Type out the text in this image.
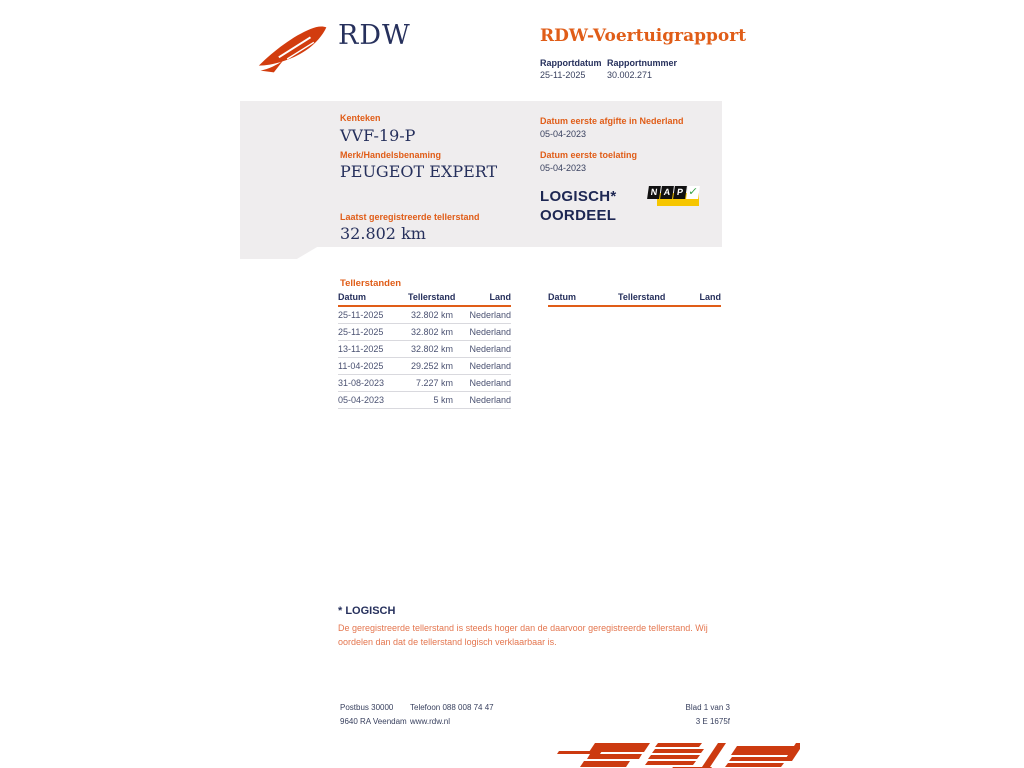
RDW	RDW-Voertuigrapport
Rapportdatum Rapportnummer
25-11-2025 30.002.271
Kenteken
VVF-19-P
Merk/Handelsbenaming
PEUGEOT EXPERT
Laatst geregistreerde tellerstand
32.802 km
Datum eerste afgifte in Nederland
05-04-2023
Datum eerste toelating
05-04-2023
LOGISCH*
OORDEEL
N A P ✓
Tellerstanden
Datum	Tellerstand	Land
25-11-2025	32.802 km	Nederland
25-11-2025	32.802 km	Nederland
13-11-2025	32.802 km	Nederland
11-04-2025	29.252 km	Nederland
31-08-2023	7.227 km	Nederland
05-04-2023	5 km	Nederland
Datum	Tellerstand	Land
* LOGISCH
De geregistreerde tellerstand is steeds hoger dan de daarvoor geregistreerde tellerstand. Wij oordelen dan dat de tellerstand logisch verklaarbaar is.
Postbus 30000
9640 RA Veendam
Telefoon 088 008 74 47
www.rdw.nl
Blad 1 van 3
3 E 1675f
